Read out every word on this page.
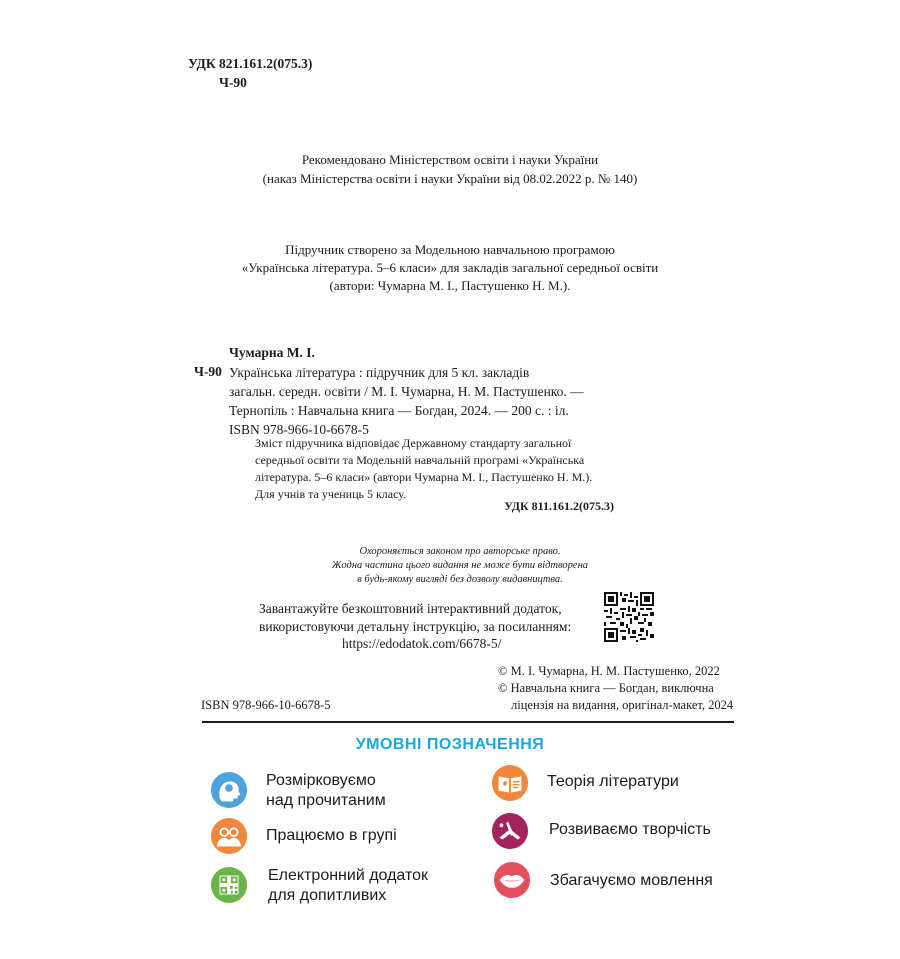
УДК 821.161.2(075.3)
Ч-90
Рекомендовано Міністерством освіти і науки України
(наказ Міністерства освіти і науки України від 08.02.2022 р. № 140)
Підручник створено за Модельною навчальною програмою
«Українська література. 5–6 класи» для закладів загальної середньої освіти
(автори: Чумарна М. І., Пастушенко Н. М.).
Чумарна М. І.
Ч-90 Українська література : підручник для 5 кл. закладів
загальн. середн. освіти / М. І. Чумарна, Н. М. Пастушенко. —
Тернопіль : Навчальна книга — Богдан, 2024. — 200 с. : іл.
ISBN 978-966-10-6678-5
Зміст підручника відповідає Державному стандарту загальної
середньої освіти та Модельній навчальній програмі «Українська
література. 5–6 класи» (автори Чумарна М. І., Пастушенко Н. М.).
Для учнів та учениць 5 класу.
УДК 811.161.2(075.3)
Охороняється законом про авторське право.
Жодна частина цього видання не може бути відтворена
в будь-якому вигляді без дозволу видавництва.
Завантажуйте безкоштовний інтерактивний додаток,
використовуючи детальну інструкцію, за посиланням:
https://edodatok.com/6678-5/
© М. І. Чумарна, Н. М. Пастушенко, 2022
© Навчальна книга — Богдан, виключна
ліцензія на видання, оригінал-макет, 2024
ISBN 978-966-10-6678-5
УМОВНІ ПОЗНАЧЕННЯ
Розмірковуємо
над прочитаним
Теорія літератури
Працюємо в групі	Розвиваємо творчість
Електронний додаток
для допитливих
Збагачуємо мовлення
